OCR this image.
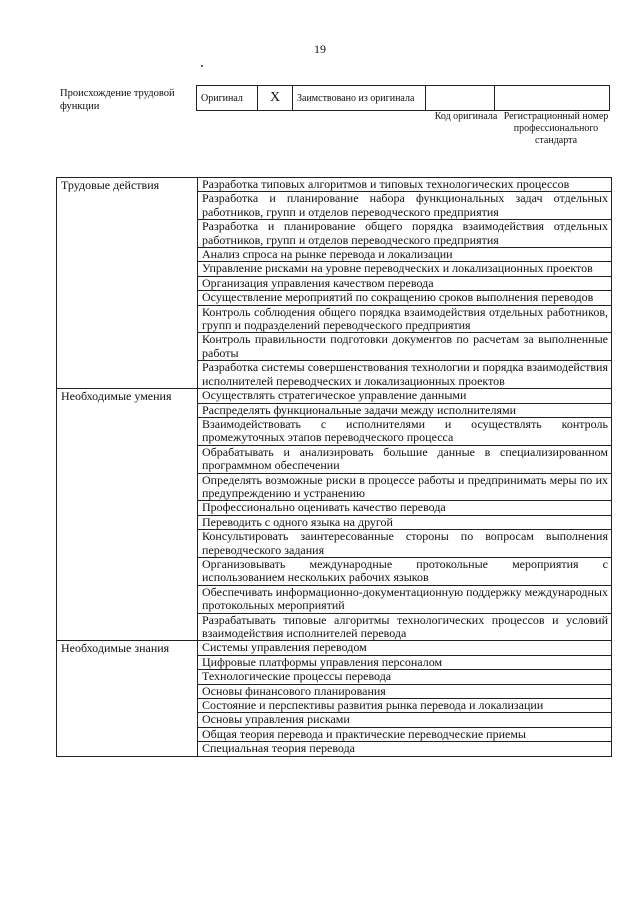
19
Происхождение трудовой функции
Оригинал	X	Заимствовано из оригинала		
Код оригинала Регистрационный номер профессионального стандарта
Трудовые действия	Разработка типовых алгоритмов и типовых технологических процессов
	Разработка и планирование набора функциональных задач отдельных работников, групп и отделов переводческого предприятия
	Разработка и планирование общего порядка взаимодействия отдельных работников, групп и отделов переводческого предприятия
	Анализ спроса на рынке перевода и локализации
	Управление рисками на уровне переводческих и локализационных проектов
	Организация управления качеством перевода
	Осуществление мероприятий по сокращению сроков выполнения переводов
	Контроль соблюдения общего порядка взаимодействия отдельных работников, групп и подразделений переводческого предприятия
	Контроль правильности подготовки документов по расчетам за выполненные работы
	Разработка системы совершенствования технологии и порядка взаимодействия исполнителей переводческих и локализационных проектов
Необходимые умения	Осуществлять стратегическое управление данными
	Распределять функциональные задачи между исполнителями
	Взаимодействовать с исполнителями и осуществлять контроль промежуточных этапов переводческого процесса
	Обрабатывать и анализировать большие данные в специализированном программном обеспечении
	Определять возможные риски в процессе работы и предпринимать меры по их предупреждению и устранению
	Профессионально оценивать качество перевода
	Переводить с одного языка на другой
	Консультировать заинтересованные стороны по вопросам выполнения переводческого задания
	Организовывать международные протокольные мероприятия с использованием нескольких рабочих языков
	Обеспечивать информационно-документационную поддержку международных протокольных мероприятий
	Разрабатывать типовые алгоритмы технологических процессов и условий взаимодействия исполнителей перевода
Необходимые знания	Системы управления переводом
	Цифровые платформы управления персоналом
	Технологические процессы перевода
	Основы финансового планирования
	Состояние и перспективы развития рынка перевода и локализации
	Основы управления рисками
	Общая теория перевода и практические переводческие приемы
	Специальная теория перевода
